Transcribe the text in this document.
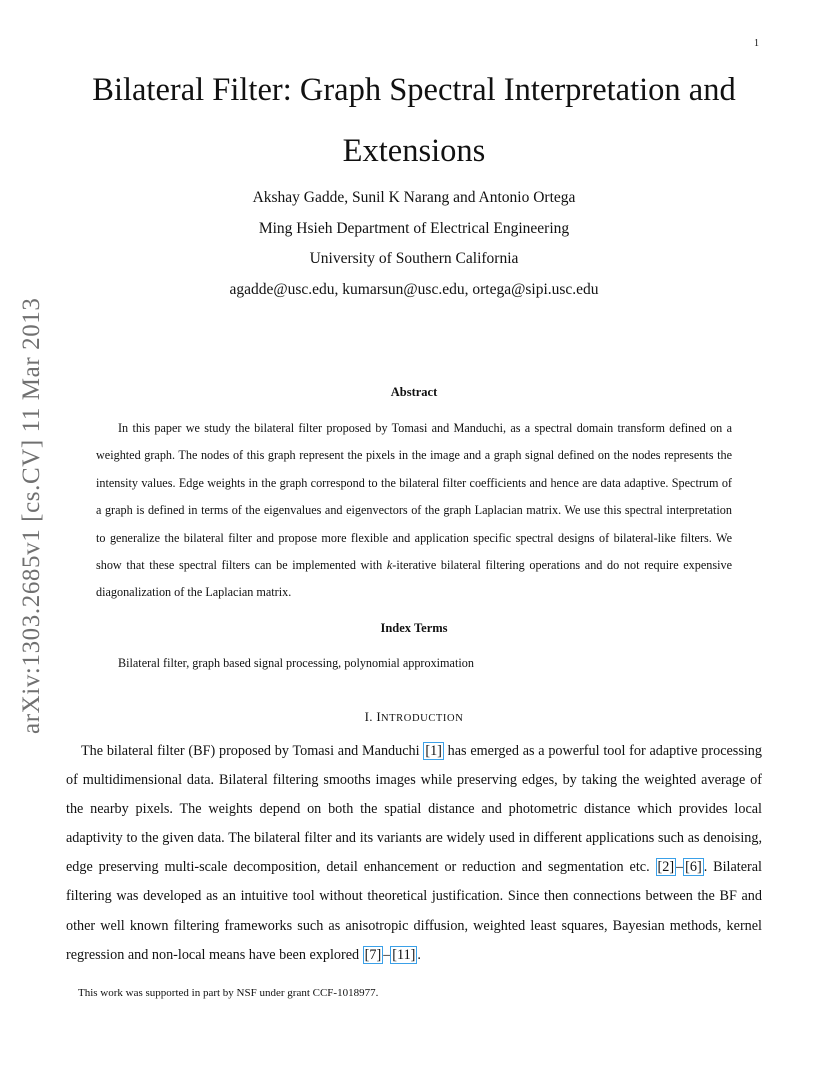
1
arXiv:1303.2685v1 [cs.CV] 11 Mar 2013
Bilateral Filter: Graph Spectral Interpretation and Extensions
Akshay Gadde, Sunil K Narang and Antonio Ortega
Ming Hsieh Department of Electrical Engineering
University of Southern California
agadde@usc.edu, kumarsun@usc.edu, ortega@sipi.usc.edu
Abstract

In this paper we study the bilateral filter proposed by Tomasi and Manduchi, as a spectral domain transform defined on a weighted graph. The nodes of this graph represent the pixels in the image and a graph signal defined on the nodes represents the intensity values. Edge weights in the graph correspond to the bilateral filter coefficients and hence are data adaptive. Spectrum of a graph is defined in terms of the eigenvalues and eigenvectors of the graph Laplacian matrix. We use this spectral interpretation to generalize the bilateral filter and propose more flexible and application specific spectral designs of bilateral-like filters. We show that these spectral filters can be implemented with k-iterative bilateral filtering operations and do not require expensive diagonalization of the Laplacian matrix.

Index Terms

Bilateral filter, graph based signal processing, polynomial approximation

I. INTRODUCTION

The bilateral filter (BF) proposed by Tomasi and Manduchi [1] has emerged as a powerful tool for adaptive processing of multidimensional data. Bilateral filtering smooths images while preserving edges, by taking the weighted average of the nearby pixels. The weights depend on both the spatial distance and photometric distance which provides local adaptivity to the given data. The bilateral filter and its variants are widely used in different applications such as denoising, edge preserving multi-scale decomposition, detail enhancement or reduction and segmentation etc. [2] – [6] . Bilateral filtering was developed as an intuitive tool without theoretical justification. Since then connections between the BF and other well known filtering frameworks such as anisotropic diffusion, weighted least squares, Bayesian methods, kernel regression and non-local means have been explored [7] – [11] .

This work was supported in part by NSF under grant CCF-1018977.
